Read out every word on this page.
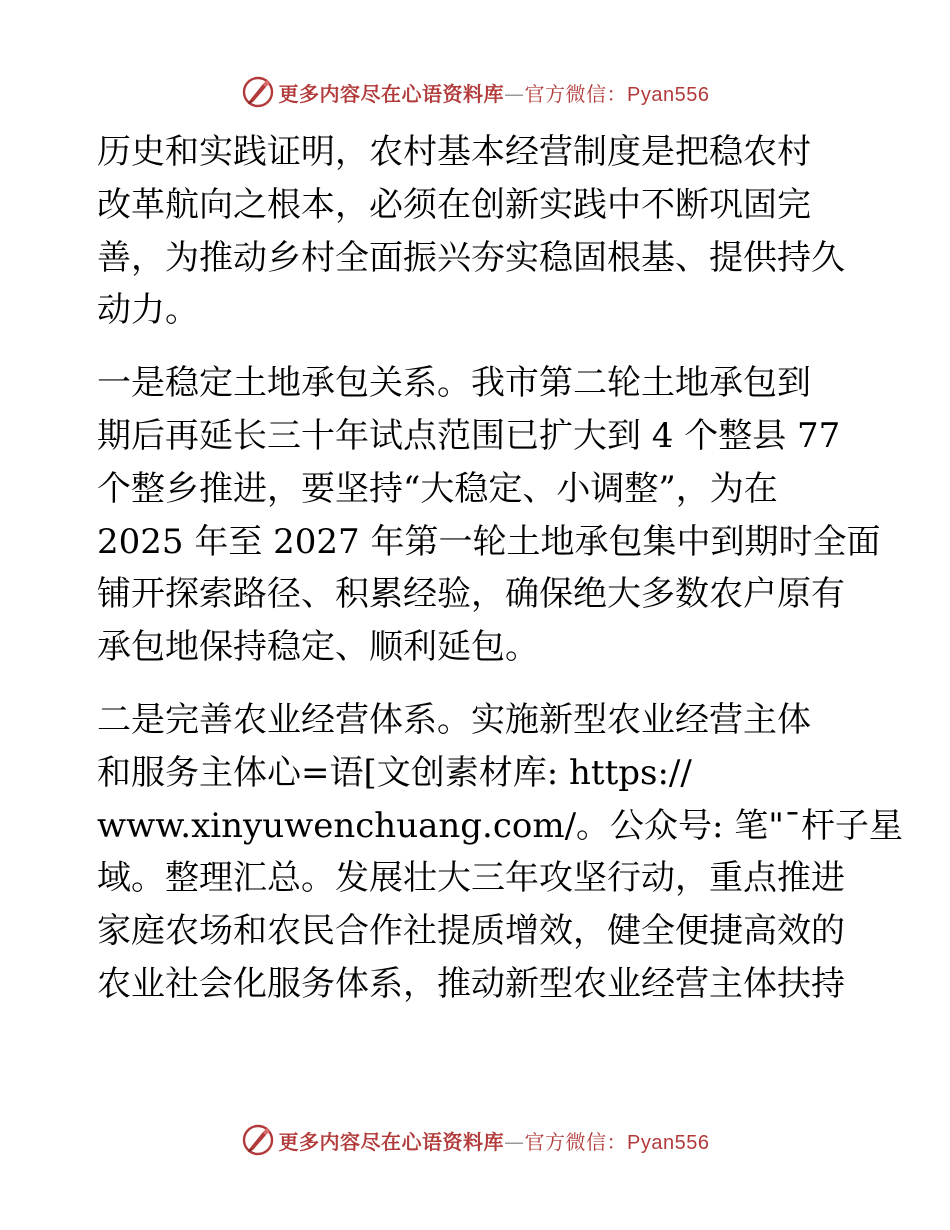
更多内容尽在心语资料库—官方微信：Pyan556
历史和实践证明，农村基本经营制度是把稳农村
改革航向之根本，必须在创新实践中不断巩固完
善，为推动乡村全面振兴夯实稳固根基、提供持久
动力。
一是稳定土地承包关系。我市第二轮土地承包到
期后再延长三十年试点范围已扩大到 4 个整县 77
个整乡推进，要坚持“大稳定、小调整”，为在
2025 年至 2027 年第一轮土地承包集中到期时全面
铺开探索路径、积累经验，确保绝大多数农户原有
承包地保持稳定、顺利延包。
二是完善农业经营体系。实施新型农业经营主体
和服务主体心=语[文创素材库: https://
www.xinyuwenchuang.com/。公众号: 笔"¯杆子星
域。整理汇总。发展壮大三年攻坚行动，重点推进
家庭农场和农民合作社提质增效，健全便捷高效的
农业社会化服务体系，推动新型农业经营主体扶持
更多内容尽在心语资料库—官方微信：Pyan556
